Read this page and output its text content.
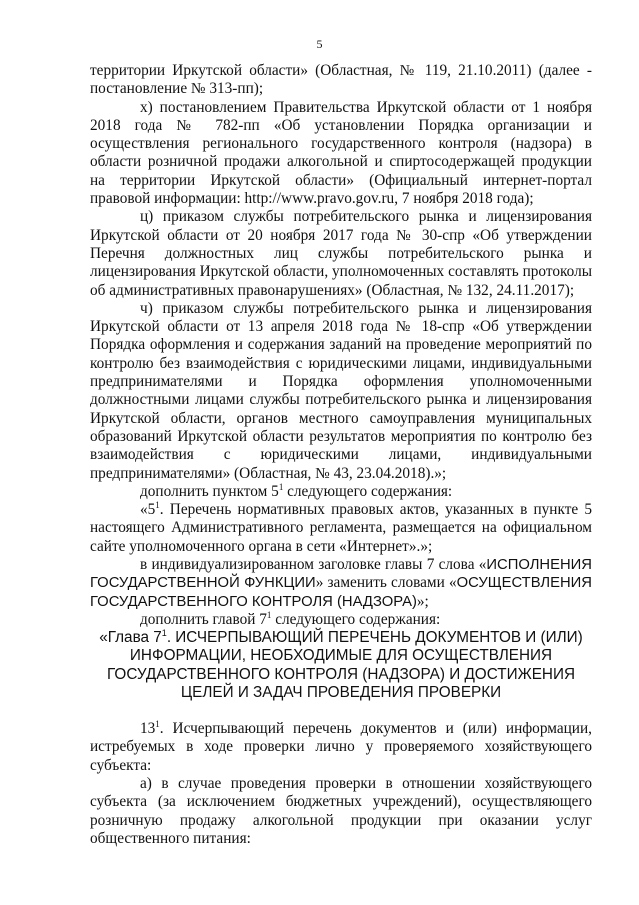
5

территории Иркутской области» (Областная, № 119, 21.10.2011) (далее - постановление № 313-пп);

х) постановлением Правительства Иркутской области от 1 ноября 2018 года № 782-пп «Об установлении Порядка организации и осуществления регионального государственного контроля (надзора) в области розничной продажи алкогольной и спиртосодержащей продукции на территории Иркутской области» (Официальный интернет-портал правовой информации: http://www.pravo.gov.ru, 7 ноября 2018 года);

ц) приказом службы потребительского рынка и лицензирования Иркутской области от 20 ноября 2017 года № 30-спр «Об утверждении Перечня должностных лиц службы потребительского рынка и лицензирования Иркутской области, уполномоченных составлять протоколы об административных правонарушениях» (Областная, № 132, 24.11.2017);

ч) приказом службы потребительского рынка и лицензирования Иркутской области от 13 апреля 2018 года № 18-спр «Об утверждении Порядка оформления и содержания заданий на проведение мероприятий по контролю без взаимодействия с юридическими лицами, индивидуальными предпринимателями и Порядка оформления уполномоченными должностными лицами службы потребительского рынка и лицензирования Иркутской области, органов местного самоуправления муниципальных образований Иркутской области результатов мероприятия по контролю без взаимодействия с юридическими лицами, индивидуальными предпринимателями» (Областная, № 43, 23.04.2018).»;

дополнить пунктом $5^1$ следующего содержания:

«$5^1$. Перечень нормативных правовых актов, указанных в пункте 5 настоящего Административного регламента, размещается на официальном сайте уполномоченного органа в сети «Интернет».»;

в индивидуализированном заголовке главы 7 слова «ИСПОЛНЕНИЯ ГОСУДАРСТВЕННОЙ ФУНКЦИИ» заменить словами «ОСУЩЕСТВЛЕНИЯ ГОСУДАРСТВЕННОГО КОНТРОЛЯ (НАДЗОРА)»;

дополнить главой $7^1$ следующего содержания:

«Глава $7^1$. ИСЧЕРПЫВАЮЩИЙ ПЕРЕЧЕНЬ ДОКУМЕНТОВ И (ИЛИ) ИНФОРМАЦИИ, НЕОБХОДИМЫЕ ДЛЯ ОСУЩЕСТВЛЕНИЯ ГОСУДАРСТВЕННОГО КОНТРОЛЯ (НАДЗОРА) И ДОСТИЖЕНИЯ ЦЕЛЕЙ И ЗАДАЧ ПРОВЕДЕНИЯ ПРОВЕРКИ

$13^1$. Исчерпывающий перечень документов и (или) информации, истребуемых в ходе проверки лично у проверяемого хозяйствующего субъекта:

а) в случае проведения проверки в отношении хозяйствующего субъекта (за исключением бюджетных учреждений), осуществляющего розничную продажу алкогольной продукции при оказании услуг общественного питания:
